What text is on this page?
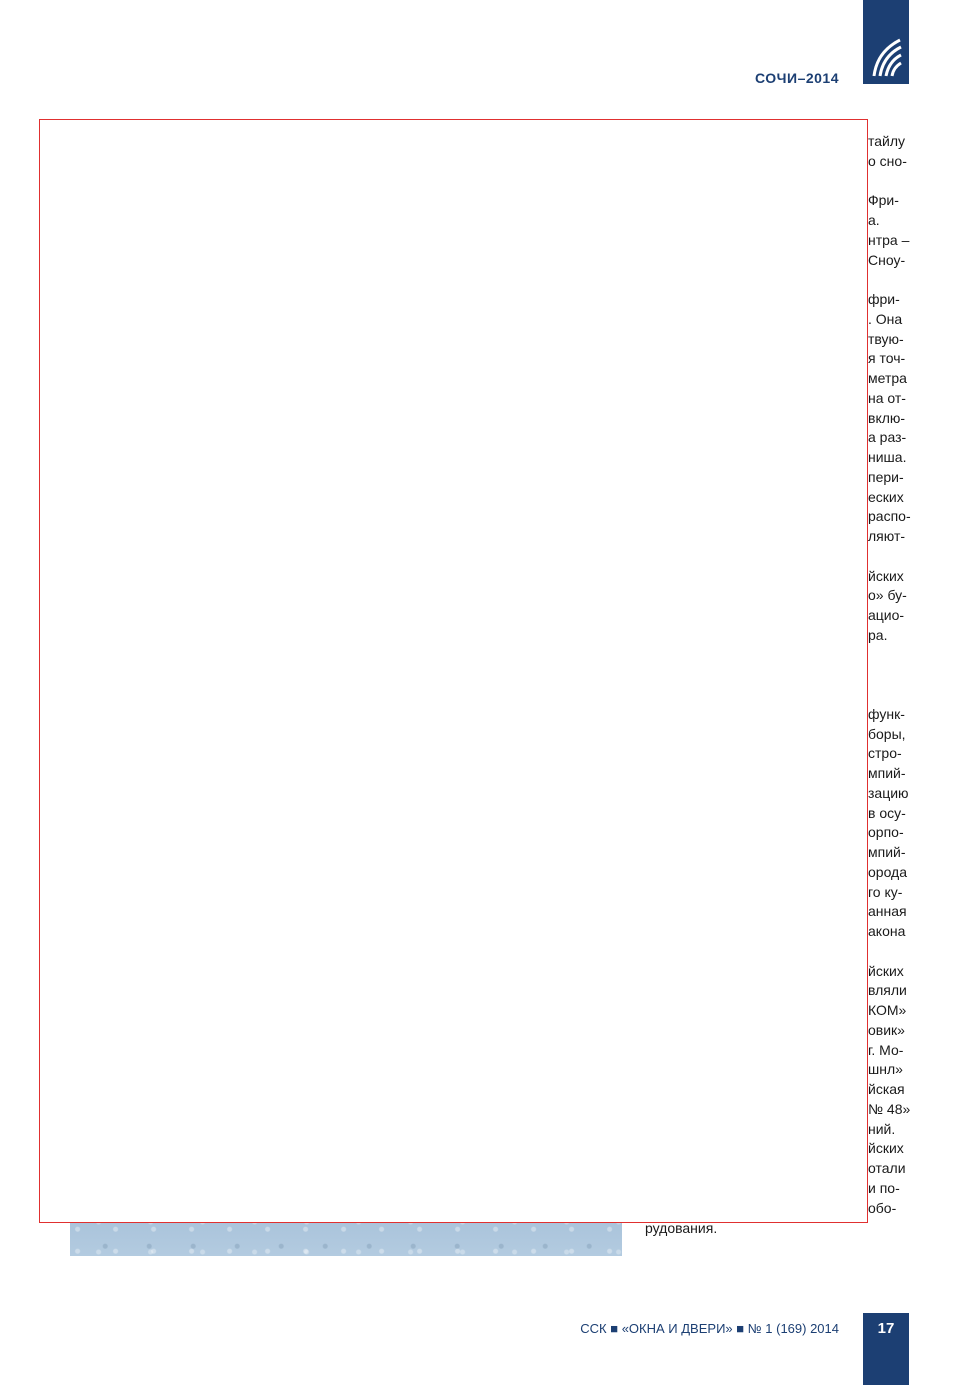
СОЧИ–2014
тайлу
о сно-
Фри-
а.
нтра –
Сноу-
фри-
. Она
твую-
я точ-
метра
на от-
вклю-
а раз-
ниша.
пери-
еских
распо-
ляют-
йских
о» бу-
ацио-
ра.
функ-
боры,
стро-
мпий-
зацию
в осу-
орпо-
мпий-
орода
го ку-
анная
акона
йских
вляли
КОМ»
овик»
г. Мо-
шнл»
йская
№ 48»
ний.
йских
отали
и по-
обо-
рудования.
ССК ■ «ОКНА И ДВЕРИ» ■ № 1 (169) 2014	17
